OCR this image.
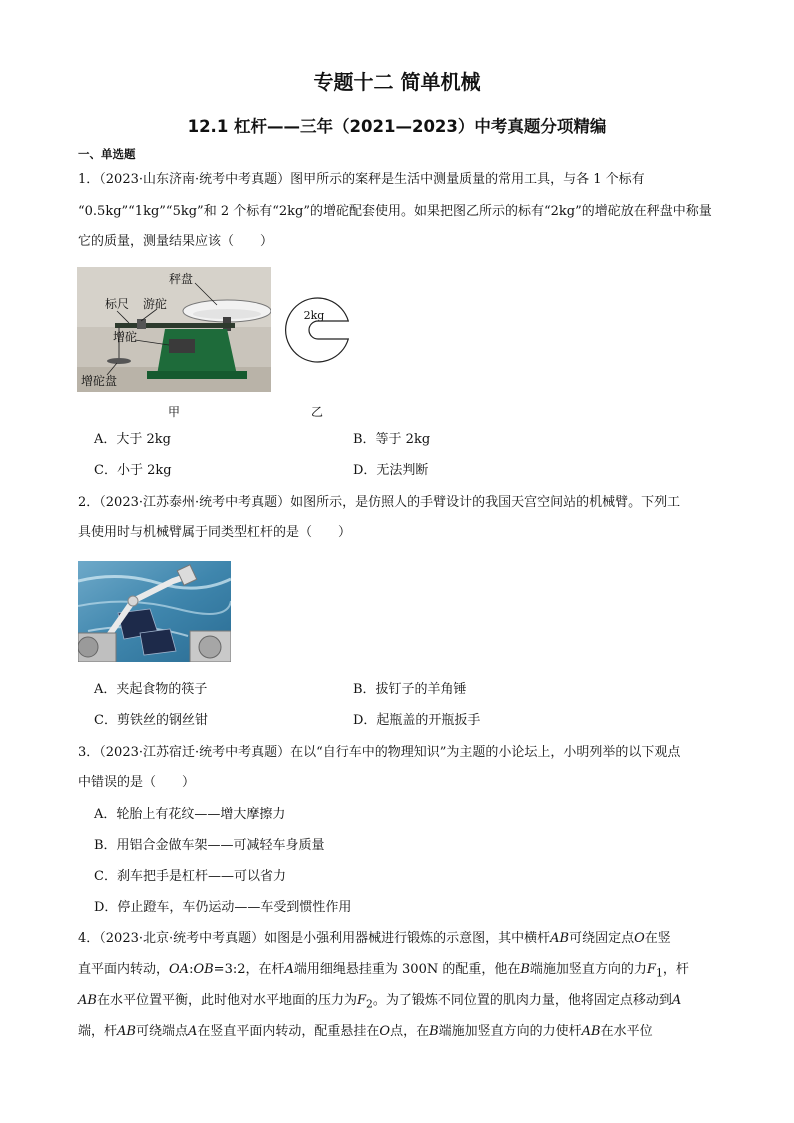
专题十二 简单机械
12.1 杠杆——三年（2021—2023）中考真题分项精编
一、单选题
1．（2023·山东济南·统考中考真题）图甲所示的案秤是生活中测量质量的常用工具，与各 1 个标有
“0.5kg”“1kg”“5kg”和 2 个标有“2kg”的增砣配套使用。如果把图乙所示的标有“2kg”的增砣放在秤盘中称量
它的质量，测量结果应该（　　）
秤盘
标尺 游砣
增砣
增砣盘
2kg
甲	乙
A．大于 2kg	B．等于 2kg
C．小于 2kg	D．无法判断
2．（2023·江苏泰州·统考中考真题）如图所示，是仿照人的手臂设计的我国天宫空间站的机械臂。下列工
具使用时与机械臂属于同类型杠杆的是（　　）
A．夹起食物的筷子	B．拔钉子的羊角锤
C．剪铁丝的钢丝钳	D．起瓶盖的开瓶扳手
3．（2023·江苏宿迁·统考中考真题）在以“自行车中的物理知识”为主题的小论坛上，小明列举的以下观点
中错误的是（　　）
A．轮胎上有花纹——增大摩擦力
B．用铝合金做车架——可减轻车身质量
C．刹车把手是杠杆——可以省力
D．停止蹬车，车仍运动——车受到惯性作用
4．（2023·北京·统考中考真题）如图是小强利用器械进行锻炼的示意图，其中横杆AB可绕固定点O在竖
直平面内转动，OA:OB=3:2，在杆A端用细绳悬挂重为 300N 的配重，他在B端施加竖直方向的力$F_1$，杆
AB在水平位置平衡，此时他对水平地面的压力为$F_2$。为了锻炼不同位置的肌肉力量，他将固定点移动到A
端，杆AB可绕端点A在竖直平面内转动，配重悬挂在O点，在B端施加竖直方向的力使杆AB在水平位
